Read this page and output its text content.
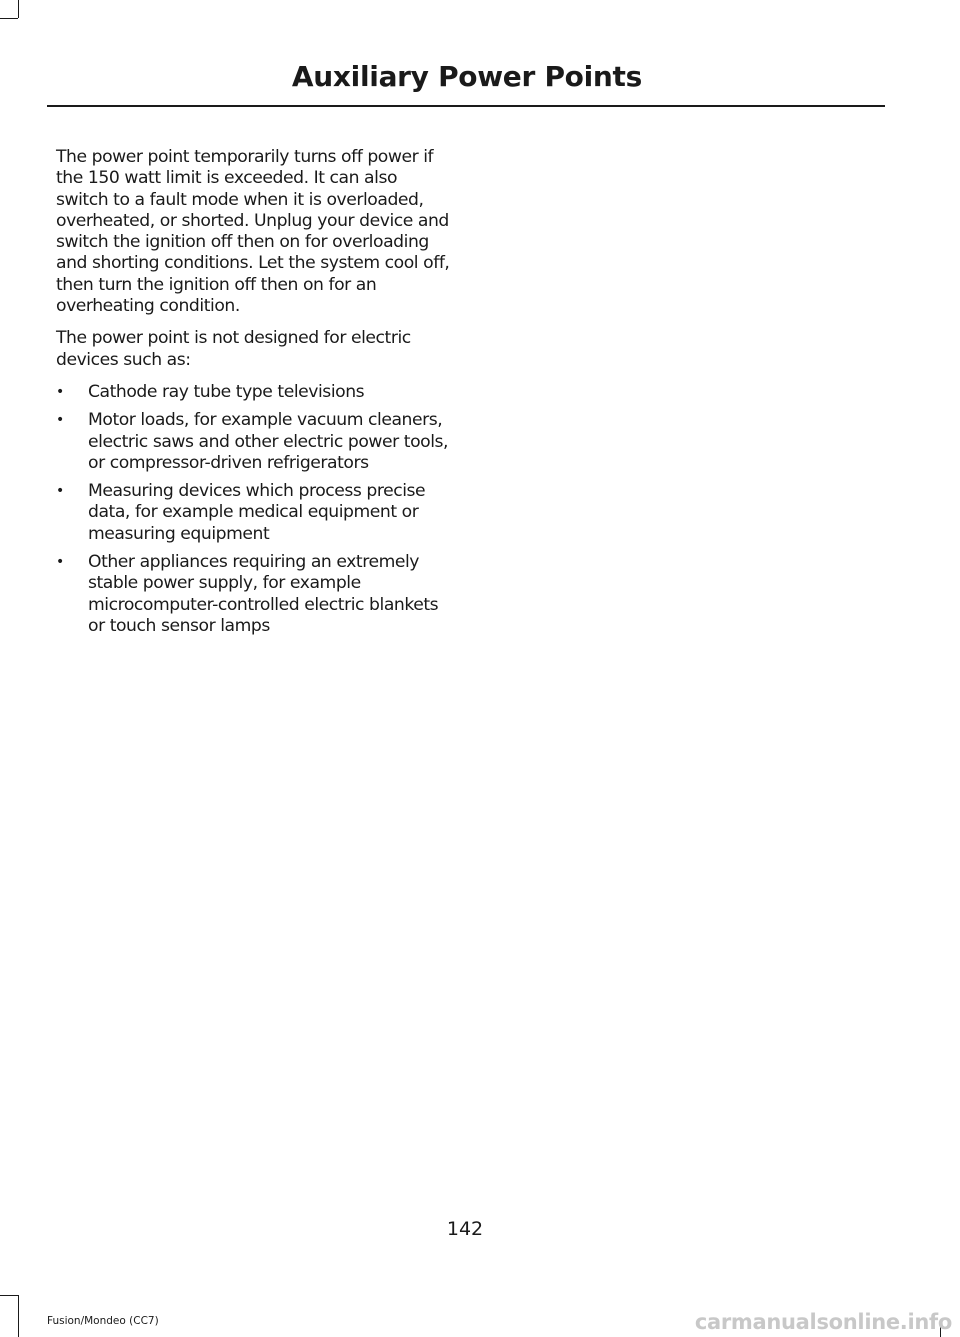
Auxiliary Power Points

The power point temporarily turns off power if the 150 watt limit is exceeded. It can also switch to a fault mode when it is overloaded, overheated, or shorted. Unplug your device and switch the ignition off then on for overloading and shorting conditions. Let the system cool off, then turn the ignition off then on for an overheating condition.

The power point is not designed for electric devices such as:

• Cathode ray tube type televisions
• Motor loads, for example vacuum cleaners, electric saws and other electric power tools, or compressor-driven refrigerators
• Measuring devices which process precise data, for example medical equipment or measuring equipment
• Other appliances requiring an extremely stable power supply, for example microcomputer-controlled electric blankets or touch sensor lamps
142
Fusion/Mondeo (CC7)	carmanualsonline.info
